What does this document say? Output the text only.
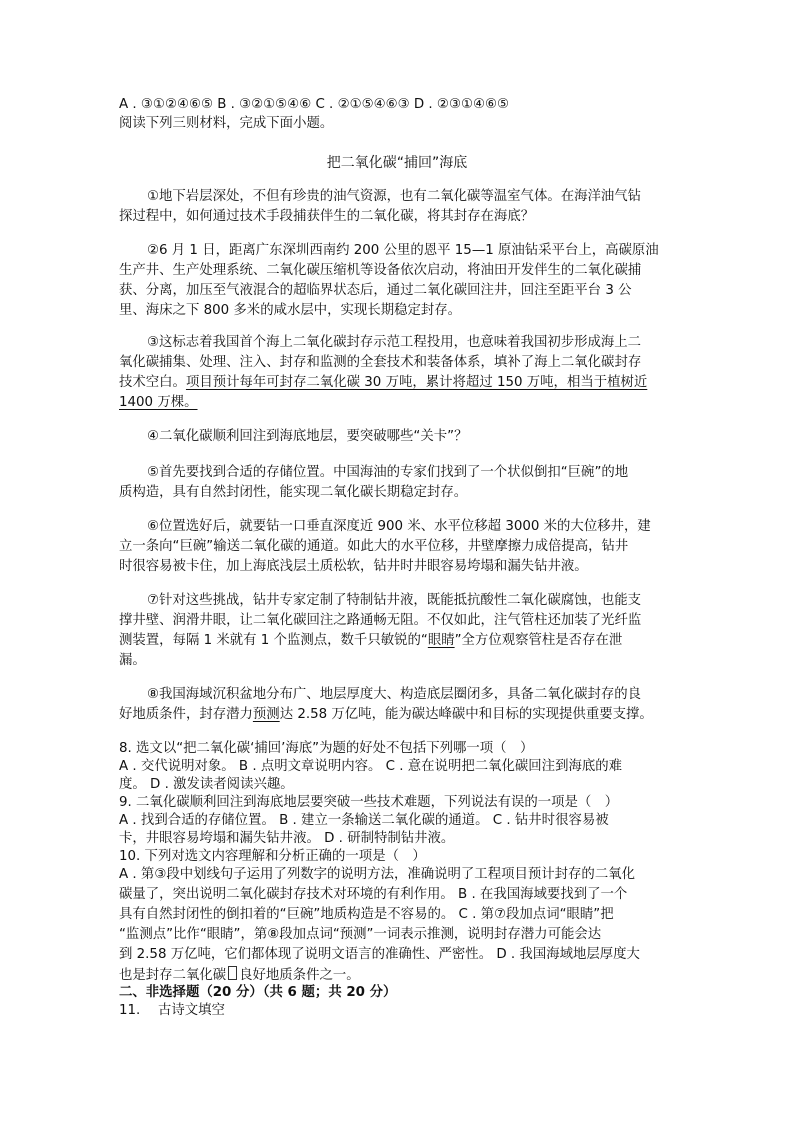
A . ③①②④⑥⑤ B . ③②①⑤④⑥ C . ②①⑤④⑥③ D . ②③①④⑥⑤
阅读下列三则材料，完成下面小题。
把二氧化碳“捕回”海底
①地下岩层深处，不但有珍贵的油气资源，也有二氧化碳等温室气体。在海洋油气钻
探过程中，如何通过技术手段捕获伴生的二氧化碳，将其封存在海底？
②6 月 1 日，距离广东深圳西南约 200 公里的恩平 15—1 原油钻采平台上，高碳原油
生产井、生产处理系统、二氧化碳压缩机等设备依次启动，将油田开发伴生的二氧化碳捕
获、分离，加压至气液混合的超临界状态后，通过二氧化碳回注井，回注至距平台 3 公
里、海床之下 800 多米的咸水层中，实现长期稳定封存。
③这标志着我国首个海上二氧化碳封存示范工程投用，也意味着我国初步形成海上二
氧化碳捕集、处理、注入、封存和监测的全套技术和装备体系，填补了海上二氧化碳封存
技术空白。项目预计每年可封存二氧化碳 30 万吨，累计将超过 150 万吨，相当于植树近
1400 万棵。
④二氧化碳顺利回注到海底地层，要突破哪些“关卡”？
⑤首先要找到合适的存储位置。中国海油的专家们找到了一个状似倒扣“巨碗”的地
质构造，具有自然封闭性，能实现二氧化碳长期稳定封存。
⑥位置选好后，就要钻一口垂直深度近 900 米、水平位移超 3000 米的大位移井，建
立一条向“巨碗”输送二氧化碳的通道。如此大的水平位移，井壁摩擦力成倍提高，钻井
时很容易被卡住，加上海底浅层土质松软，钻井时井眼容易垮塌和漏失钻井液。
⑦针对这些挑战，钻井专家定制了特制钻井液，既能抵抗酸性二氧化碳腐蚀，也能支
撑井壁、润滑井眼，让二氧化碳回注之路通畅无阻。不仅如此，注气管柱还加装了光纤监
测装置，每隔 1 米就有 1 个监测点，数千只敏锐的“眼睛”全方位观察管柱是否存在泄
漏。
⑧我国海域沉积盆地分布广、地层厚度大、构造底层圈闭多，具备二氧化碳封存的良
好地质条件，封存潜力预测达 2.58 万亿吨，能为碳达峰碳中和目标的实现提供重要支撑。
8. 选文以“把二氧化碳‘捕回’海底”为题的好处不包括下列哪一项（　）
A . 交代说明对象。 B . 点明文章说明内容。 C . 意在说明把二氧化碳回注到海底的难
度。 D . 激发读者阅读兴趣。
9. 二氧化碳顺利回注到海底地层要突破一些技术难题，下列说法有误的一项是（　）
A . 找到合适的存储位置。 B . 建立一条输送二氧化碳的通道。 C . 钻井时很容易被
卡，井眼容易垮塌和漏失钻井液。 D . 研制特制钻井液。
10. 下列对选文内容理解和分析正确的一项是（　）
A . 第③段中划线句子运用了列数字的说明方法，准确说明了工程项目预计封存的二氧化
碳量了，突出说明二氧化碳封存技术对环境的有利作用。 B . 在我国海域要找到了一个
具有自然封闭性的倒扣着的“巨碗”地质构造是不容易的。 C . 第⑦段加点词“眼睛”把
“监测点”比作“眼睛”，第⑧段加点词“预测”一词表示推测，说明封存潜力可能会达
到 2.58 万亿吨，它们都体现了说明文语言的准确性、严密性。 D . 我国海域地层厚度大
也是封存二氧化碳 良好地质条件之一。
二、非选择题（20 分）（共 6 题；共 20 分）
11.　 古诗文填空
